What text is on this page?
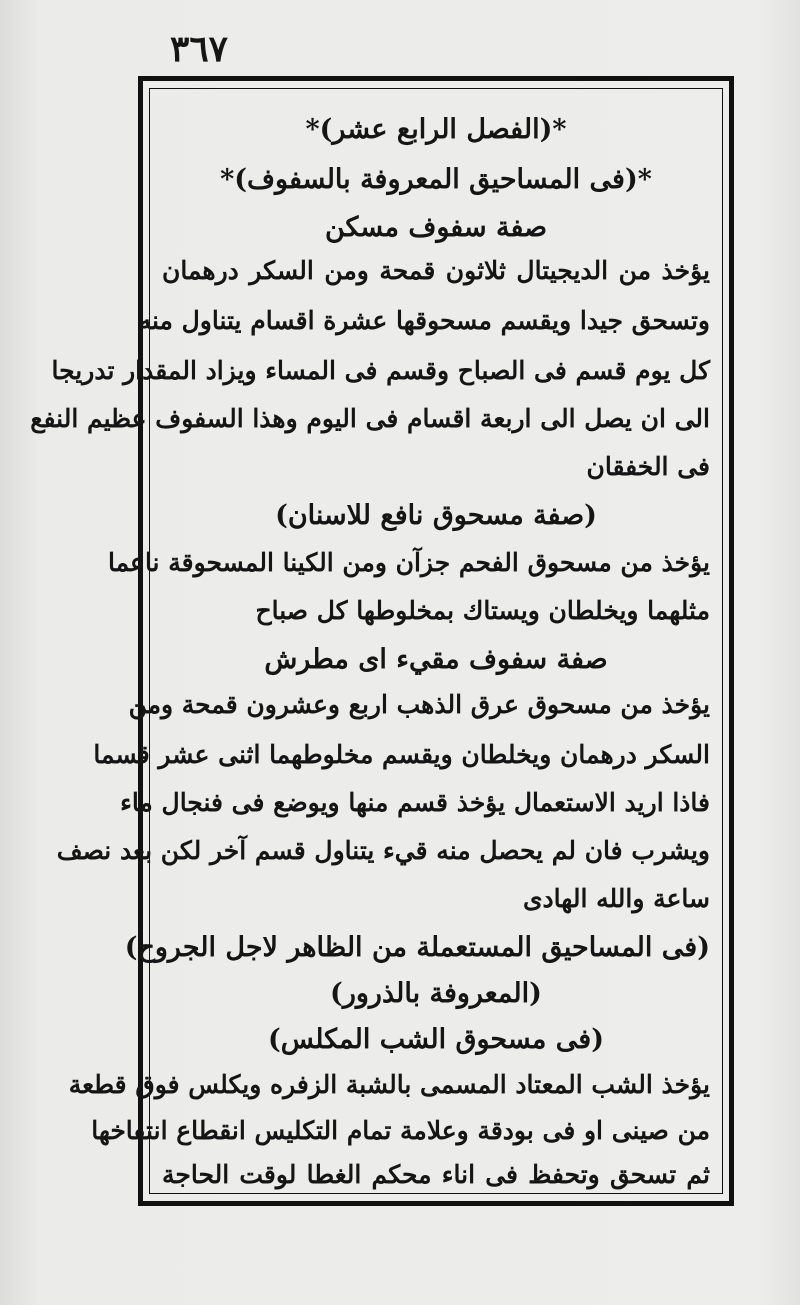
٣٦٧
*(الفصل الرابع عشر)*
*(فى المساحيق المعروفة بالسفوف)*
صفة سفوف مسكن
يؤخذ من الديجيتال ثلاثون قمحة ومن السكر درهمان
وتسحق جيدا ويقسم مسحوقها عشرة اقسام يتناول منه
كل يوم قسم فى الصباح وقسم فى المساء ويزاد المقدار تدريجا
الى ان يصل الى اربعة اقسام فى اليوم وهذا السفوف عظيم النفع
فى الخفقان
(صفة مسحوق نافع للاسنان)
يؤخذ من مسحوق الفحم جزآن ومن الكينا المسحوقة ناعما
مثلهما ويخلطان ويستاك بمخلوطها كل صباح
صفة سفوف مقيء اى مطرش
يؤخذ من مسحوق عرق الذهب اربع وعشرون قمحة ومن
السكر درهمان ويخلطان ويقسم مخلوطهما اثنى عشر قسما
فاذا اريد الاستعمال يؤخذ قسم منها ويوضع فى فنجال ماء
ويشرب فان لم يحصل منه قيء يتناول قسم آخر لكن بعد نصف
ساعة والله الهادى
(فى المساحيق المستعملة من الظاهر لاجل الجروح)
(المعروفة بالذرور)
(فى مسحوق الشب المكلس)
يؤخذ الشب المعتاد المسمى بالشبة الزفره ويكلس فوق قطعة
من صينى او فى بودقة وعلامة تمام التكليس انقطاع انتفاخها
ثم تسحق وتحفظ فى اناء محكم الغطا لوقت الحاجة
